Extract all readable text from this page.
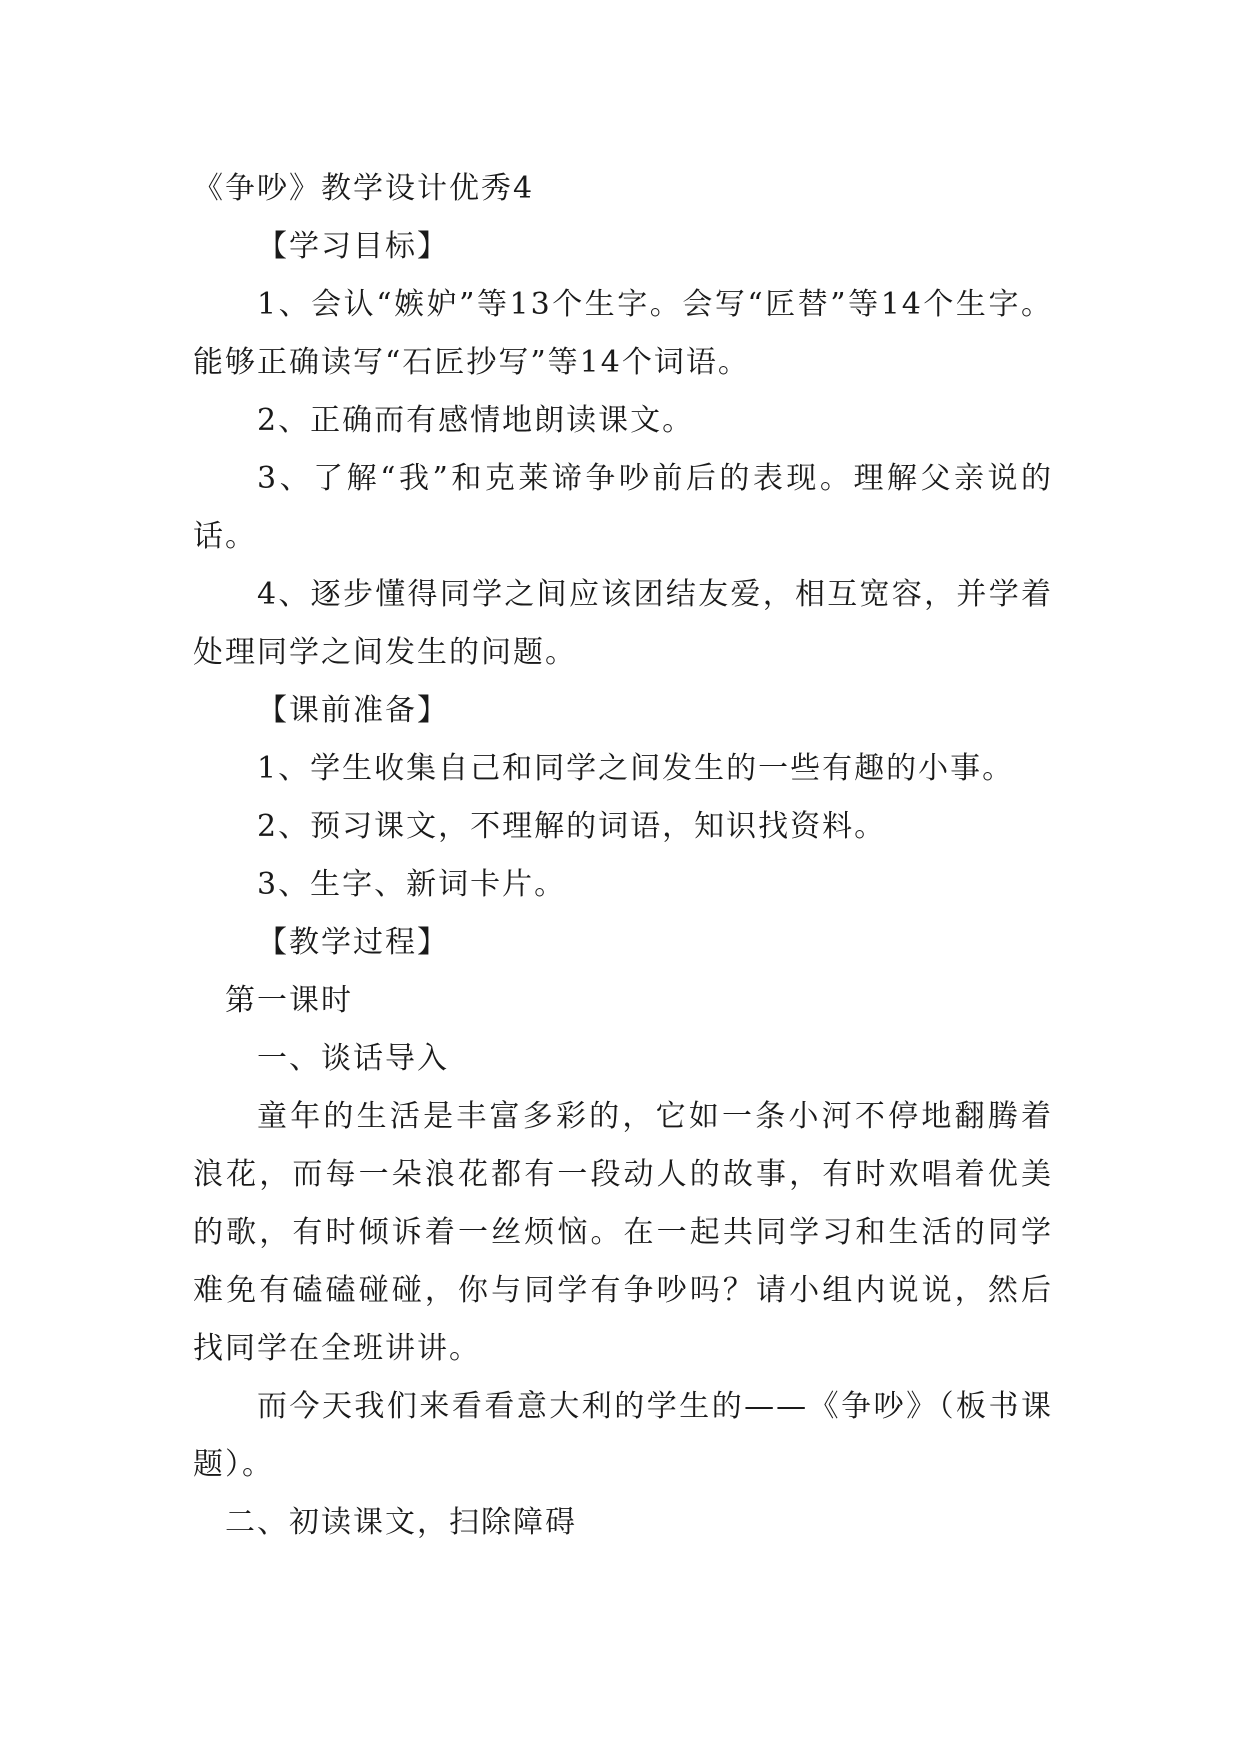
《争吵》教学设计优秀4

【学习目标】

1、会认“嫉妒”等13个生字。会写“匠替”等14个生字。能够正确读写“石匠抄写”等14个词语。

2、正确而有感情地朗读课文。

3、了解“我”和克莱谛争吵前后的表现。理解父亲说的话。

4、逐步懂得同学之间应该团结友爱，相互宽容，并学着处理同学之间发生的问题。

【课前准备】

1、学生收集自己和同学之间发生的一些有趣的小事。

2、预习课文，不理解的词语，知识找资料。

3、生字、新词卡片。

【教学过程】

第一课时

一、谈话导入

童年的生活是丰富多彩的，它如一条小河不停地翻腾着浪花，而每一朵浪花都有一段动人的故事，有时欢唱着优美的歌，有时倾诉着一丝烦恼。在一起共同学习和生活的同学难免有磕磕碰碰，你与同学有争吵吗？请小组内说说，然后找同学在全班讲讲。

而今天我们来看看意大利的学生的——《争吵》（板书课题）。

二、初读课文，扫除障碍
